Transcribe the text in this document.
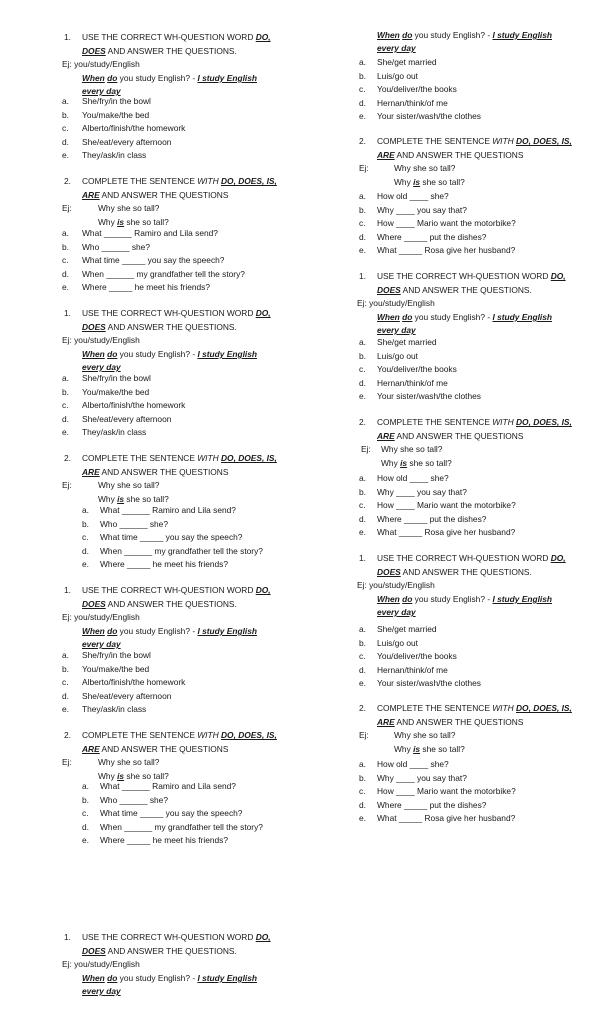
1. USE THE CORRECT WH-QUESTION WORD DO,
DOES AND ANSWER THE QUESTIONS.
Ej: you/study/English
When do you study English? - I study English
every day
a. She/fry/in the bowl
b. You/make/the bed
c. Alberto/finish/the homework
d. She/eat/every afternoon
e. They/ask/in class
2. COMPLETE THE SENTENCE WITH DO, DOES, IS,
ARE AND ANSWER THE QUESTIONS
Ej:	Why she so tall?
Why is she so tall?
a. What ______ Ramiro and Lila send?
b. Who ______ she?
c. What time _____ you say the speech?
d. When ______ my grandfather tell the story?
e. Where _____ he meet his friends?
1. USE THE CORRECT WH-QUESTION WORD DO,
DOES AND ANSWER THE QUESTIONS.
Ej: you/study/English
When do you study English? - I study English
every day
a. She/fry/in the bowl
b. You/make/the bed
c. Alberto/finish/the homework
d. She/eat/every afternoon
e. They/ask/in class
2. COMPLETE THE SENTENCE WITH DO, DOES, IS,
ARE AND ANSWER THE QUESTIONS
Ej:	Why she so tall?
Why is she so tall?
a. What ______ Ramiro and Lila send?
b. Who ______ she?
c. What time _____ you say the speech?
d. When ______ my grandfather tell the story?
e. Where _____ he meet his friends?
1. USE THE CORRECT WH-QUESTION WORD DO,
DOES AND ANSWER THE QUESTIONS.
Ej: you/study/English
When do you study English? - I study English
every day
a. She/fry/in the bowl
b. You/make/the bed
c. Alberto/finish/the homework
d. She/eat/every afternoon
e. They/ask/in class
2. COMPLETE THE SENTENCE WITH DO, DOES, IS,
ARE AND ANSWER THE QUESTIONS
Ej:	Why she so tall?
Why is she so tall?
a. What ______ Ramiro and Lila send?
b. Who ______ she?
c. What time _____ you say the speech?
d. When ______ my grandfather tell the story?
e. Where _____ he meet his friends?
1. USE THE CORRECT WH-QUESTION WORD DO,
DOES AND ANSWER THE QUESTIONS.
Ej: you/study/English
When do you study English? - I study English
every day
When do you study English? - I study English
every day
a. She/get married
b. Luis/go out
c. You/deliver/the books
d. Hernan/think/of me
e. Your sister/wash/the clothes
2. COMPLETE THE SENTENCE WITH DO, DOES, IS,
ARE AND ANSWER THE QUESTIONS
Ej:	Why she so tall?
Why is she so tall?
a. How old ____ she?
b. Why ____ you say that?
c. How ____ Mario want the motorbike?
d. Where _____ put the dishes?
e. What _____ Rosa give her husband?
1. USE THE CORRECT WH-QUESTION WORD DO,
DOES AND ANSWER THE QUESTIONS.
Ej: you/study/English
When do you study English? - I study English
every day
a. She/get married
b. Luis/go out
c. You/deliver/the books
d. Hernan/think/of me
e. Your sister/wash/the clothes
2. COMPLETE THE SENTENCE WITH DO, DOES, IS,
ARE AND ANSWER THE QUESTIONS
Ej: Why she so tall?
Why is she so tall?
a. How old ____ she?
b. Why ____ you say that?
c. How ____ Mario want the motorbike?
d. Where _____ put the dishes?
e. What _____ Rosa give her husband?
1. USE THE CORRECT WH-QUESTION WORD DO,
DOES AND ANSWER THE QUESTIONS.
Ej: you/study/English
When do you study English? - I study English
every day
a. She/get married
b. Luis/go out
c. You/deliver/the books
d. Hernan/think/of me
e. Your sister/wash/the clothes
2. COMPLETE THE SENTENCE WITH DO, DOES, IS,
ARE AND ANSWER THE QUESTIONS
Ej:	Why she so tall?
Why is she so tall?
a. How old ____ she?
b. Why ____ you say that?
c. How ____ Mario want the motorbike?
d. Where _____ put the dishes?
e. What _____ Rosa give her husband?
